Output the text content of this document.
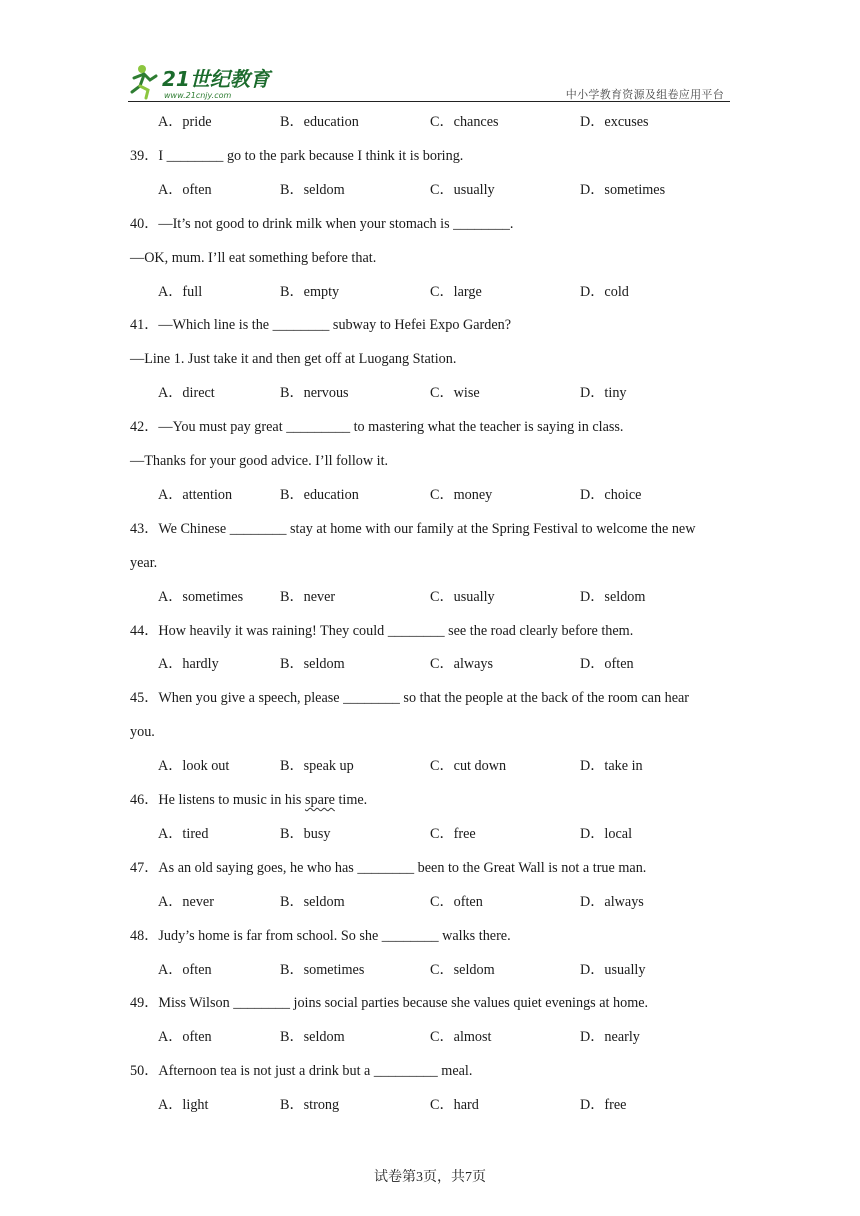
21世纪教育
www.21cnjy.com	中小学教育资源及组卷应用平台
A．pride	B．education	C．chances	D．excuses
39．I ________ go to the park because I think it is boring.
A．often	B．seldom	C．usually	D．sometimes
40．—It’s not good to drink milk when your stomach is ________.
—OK, mum. I’ll eat something before that.
A．full	B．empty	C．large	D．cold
41．—Which line is the ________ subway to Hefei Expo Garden?
—Line 1. Just take it and then get off at Luogang Station.
A．direct	B．nervous	C．wise	D．tiny
42．—You must pay great _________ to mastering what the teacher is saying in class.
—Thanks for your good advice. I’ll follow it.
A．attention	B．education	C．money	D．choice
43．We Chinese ________ stay at home with our family at the Spring Festival to welcome the new
year.
A．sometimes	B．never	C．usually	D．seldom
44．How heavily it was raining! They could ________ see the road clearly before them.
A．hardly	B．seldom	C．always	D．often
45．When you give a speech, please ________ so that the people at the back of the room can hear
you.
A．look out	B．speak up	C．cut down	D．take in
46．He listens to music in his spare time.
A．tired	B．busy	C．free	D．local
47．As an old saying goes, he who has ________ been to the Great Wall is not a true man.
A．never	B．seldom	C．often	D．always
48．Judy’s home is far from school. So she ________ walks there.
A．often	B．sometimes	C．seldom	D．usually
49．Miss Wilson ________ joins social parties because she values quiet evenings at home.
A．often	B．seldom	C．almost	D．nearly
50．Afternoon tea is not just a drink but a _________ meal.
A．light	B．strong	C．hard	D．free
试卷第3页，共7页
